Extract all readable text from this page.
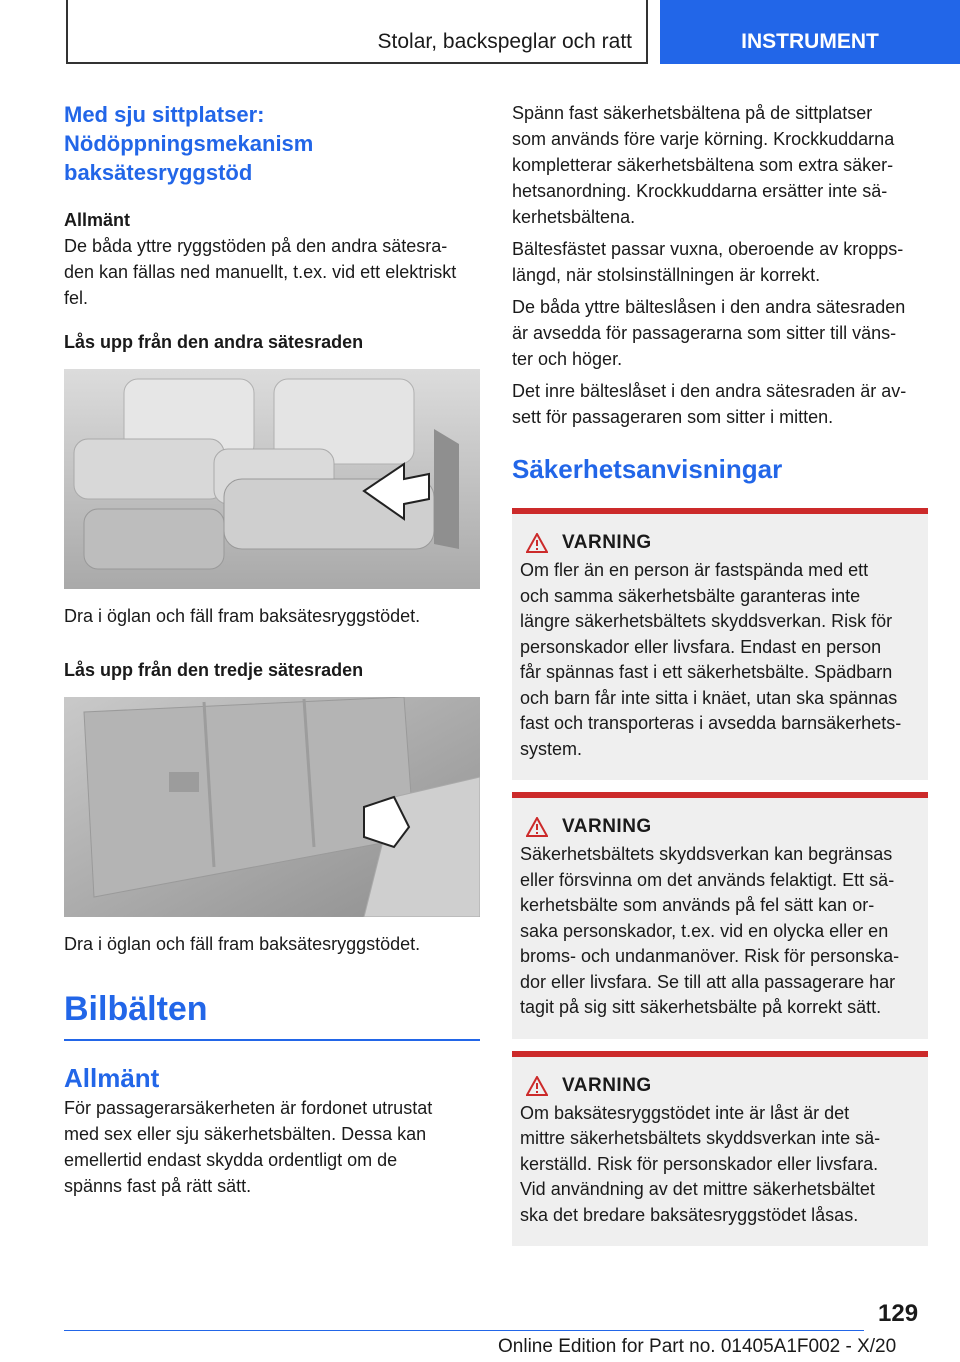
Stolar, backspeglar och ratt	INSTRUMENT
Med sju sittplatser:
Nödöppningsmekanism
baksätesryggstöd

Allmänt

De båda yttre ryggstöden på den andra sätesra-
den kan fällas ned manuellt, t.ex. vid ett elektriskt
fel.

Lås upp från den andra sätesraden

Dra i öglan och fäll fram baksätesryggstödet.

Lås upp från den tredje sätesraden

Dra i öglan och fäll fram baksätesryggstödet.

Bilbälten
Allmänt

För passagerarsäkerheten är fordonet utrustat
med sex eller sju säkerhetsbälten. Dessa kan
emellertid endast skydda ordentligt om de
spänns fast på rätt sätt.

Spänn fast säkerhetsbältena på de sittplatser
som används före varje körning. Krockkuddarna
kompletterar säkerhetsbältena som extra säker-
hetsanordning. Krockkuddarna ersätter inte sä-
kerhetsbältena.

Bältesfästet passar vuxna, oberoende av kropps-
längd, när stolsinställningen är korrekt.

De båda yttre bälteslåsen i den andra sätesraden
är avsedda för passagerarna som sitter till väns-
ter och höger.

Det inre bälteslåset i den andra sätesraden är av-
sett för passageraren som sitter i mitten.

Säkerhetsanvisningar
VARNING

Om fler än en person är fastspända med ett
och samma säkerhetsbälte garanteras inte
längre säkerhetsbältets skyddsverkan. Risk för
personskador eller livsfara. Endast en person
får spännas fast i ett säkerhetsbälte. Spädbarn
och barn får inte sitta i knäet, utan ska spännas
fast och transporteras i avsedda barnsäkerhets-
system.

VARNING

Säkerhetsbältets skyddsverkan kan begränsas
eller försvinna om det används felaktigt. Ett sä-
kerhetsbälte som används på fel sätt kan or-
saka personskador, t.ex. vid en olycka eller en
broms- och undanmanöver. Risk för personska-
dor eller livsfara. Se till att alla passagerare har
tagit på sig sitt säkerhetsbälte på korrekt sätt.

VARNING

Om baksätesryggstödet inte är låst är det
mittre säkerhetsbältets skyddsverkan inte sä-
kerställd. Risk för personskador eller livsfara.
Vid användning av det mittre säkerhetsbältet
ska det bredare baksätesryggstödet låsas.

129
Online Edition for Part no. 01405A1F002 - X/20
